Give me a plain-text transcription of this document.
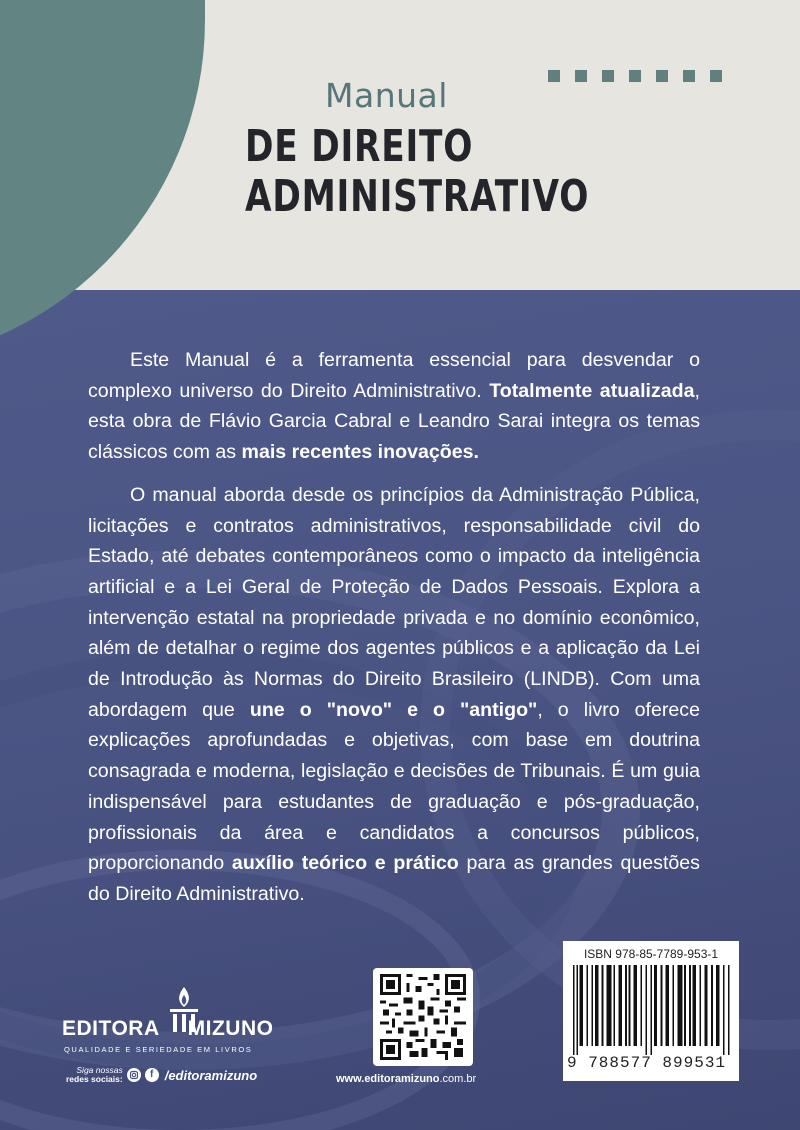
Manual
DE DIREITO
ADMINISTRATIVO

Este Manual é a ferramenta essencial para desvendar o complexo universo do Direito Administrativo. Totalmente atualizada, esta obra de Flávio Garcia Cabral e Leandro Sarai integra os temas clássicos com as mais recentes inovações.

O manual aborda desde os princípios da Administração Pública, licitações e contratos administrativos, responsabilidade civil do Estado, até debates contemporâneos como o impacto da inteligência artificial e a Lei Geral de Proteção de Dados Pessoais. Explora a intervenção estatal na propriedade privada e no domínio econômico, além de detalhar o regime dos agentes públicos e a aplicação da Lei de Introdução às Normas do Direito Brasileiro (LINDB). Com uma abordagem que une o "novo" e o "antigo", o livro oferece explicações aprofundadas e objetivas, com base em doutrina consagrada e moderna, legislação e decisões de Tribunais. É um guia indispensável para estudantes de graduação e pós-graduação, profissionais da área e candidatos a concursos públicos, proporcionando auxílio teórico e prático para as grandes questões do Direito Administrativo.

EDITORA MIZUNO
QUALIDADE E SERIEDADE EM LIVROS
Siga nossas
redes sociais:	f /editoramizuno	www.editoramizuno.com.br
ISBN 978-85-7789-953-1
9 788577 899531
